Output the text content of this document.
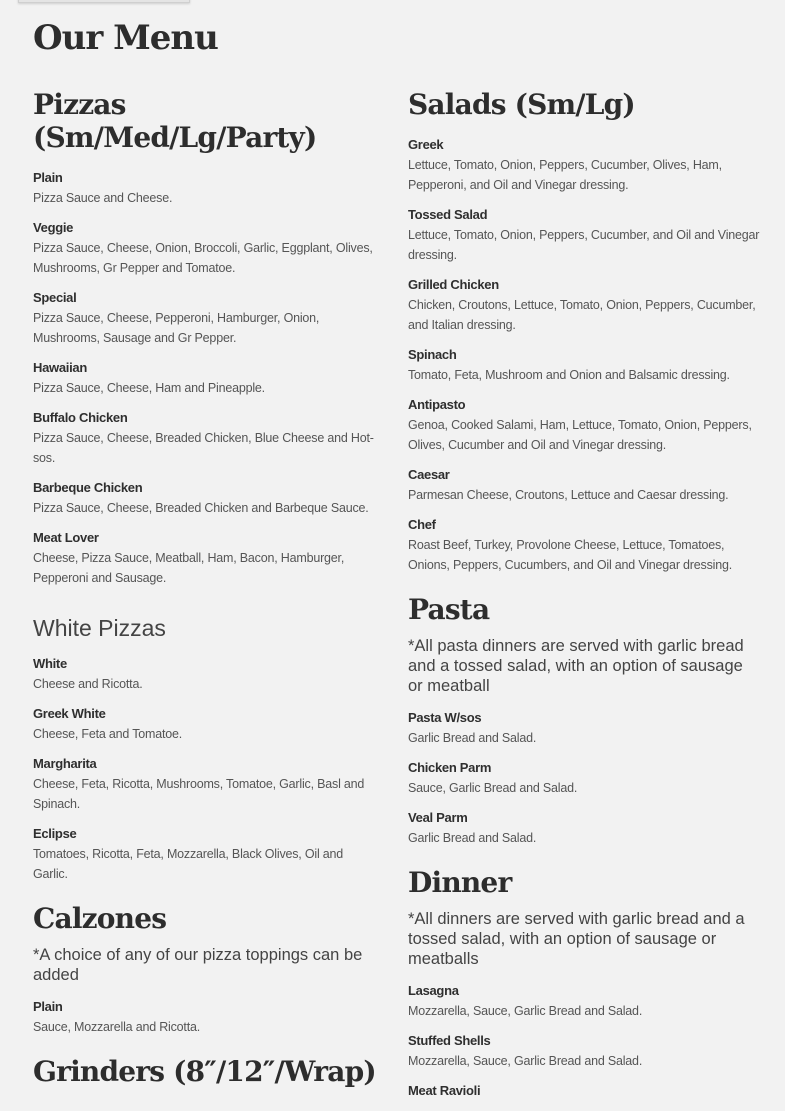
Our Menu
Pizzas (Sm/Med/Lg/Party)
Plain
Pizza Sauce and Cheese.
Veggie
Pizza Sauce, Cheese, Onion, Broccoli, Garlic, Eggplant, Olives, Mushrooms, Gr Pepper and Tomatoe.
Special
Pizza Sauce, Cheese, Pepperoni, Hamburger, Onion, Mushrooms, Sausage and Gr Pepper.
Hawaiian
Pizza Sauce, Cheese, Ham and Pineapple.
Buffalo Chicken
Pizza Sauce, Cheese, Breaded Chicken, Blue Cheese and Hot-sos.
Barbeque Chicken
Pizza Sauce, Cheese, Breaded Chicken and Barbeque Sauce.
Meat Lover
Cheese, Pizza Sauce, Meatball, Ham, Bacon, Hamburger, Pepperoni and Sausage.
White Pizzas
White
Cheese and Ricotta.
Greek White
Cheese, Feta and Tomatoe.
Margharita
Cheese, Feta, Ricotta, Mushrooms, Tomatoe, Garlic, Basl and Spinach.
Eclipse
Tomatoes, Ricotta, Feta, Mozzarella, Black Olives, Oil and Garlic.
Calzones
*A choice of any of our pizza toppings can be added
Plain
Sauce, Mozzarella and Ricotta.
Grinders (8″/12″/Wrap)
Salads (Sm/Lg)
Greek
Lettuce, Tomato, Onion, Peppers, Cucumber, Olives, Ham, Pepperoni, and Oil and Vinegar dressing.
Tossed Salad
Lettuce, Tomato, Onion, Peppers, Cucumber, and Oil and Vinegar dressing.
Grilled Chicken
Chicken, Croutons, Lettuce, Tomato, Onion, Peppers, Cucumber, and Italian dressing.
Spinach
Tomato, Feta, Mushroom and Onion and Balsamic dressing.
Antipasto
Genoa, Cooked Salami, Ham, Lettuce, Tomato, Onion, Peppers, Olives, Cucumber and Oil and Vinegar dressing.
Caesar
Parmesan Cheese, Croutons, Lettuce and Caesar dressing.
Chef
Roast Beef, Turkey, Provolone Cheese, Lettuce, Tomatoes, Onions, Peppers, Cucumbers, and Oil and Vinegar dressing.
Pasta
*All pasta dinners are served with garlic bread and a tossed salad, with an option of sausage or meatball
Pasta W/sos
Garlic Bread and Salad.
Chicken Parm
Sauce, Garlic Bread and Salad.
Veal Parm
Garlic Bread and Salad.
Dinner
*All dinners are served with garlic bread and a tossed salad, with an option of sausage or meatballs
Lasagna
Mozzarella, Sauce, Garlic Bread and Salad.
Stuffed Shells
Mozzarella, Sauce, Garlic Bread and Salad.
Meat Ravioli
